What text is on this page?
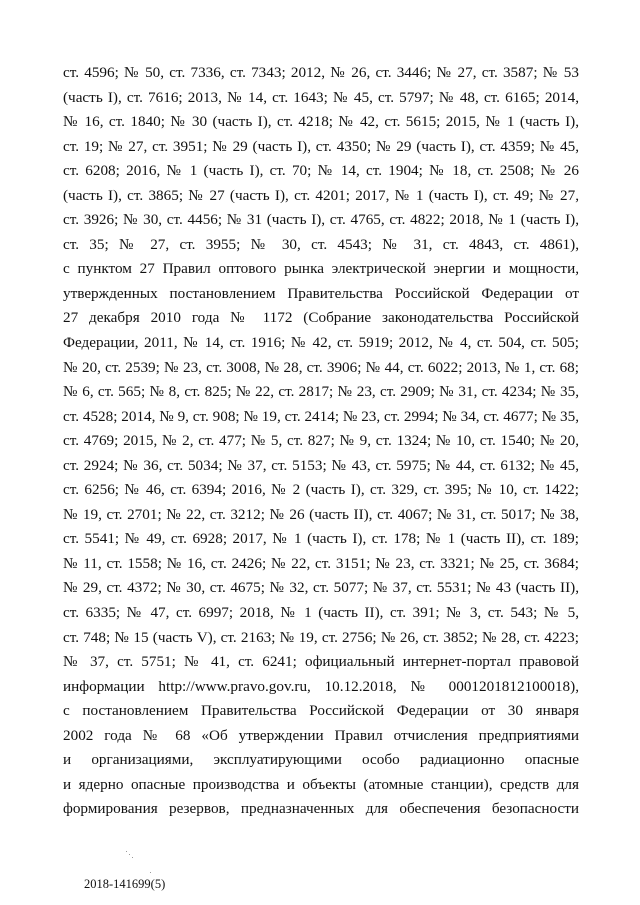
ст. 4596; № 50, ст. 7336, ст. 7343; 2012, № 26, ст. 3446; № 27, ст. 3587; № 53
(часть I), ст. 7616; 2013, № 14, ст. 1643; № 45, ст. 5797; № 48, ст. 6165; 2014,
№ 16, ст. 1840; № 30 (часть I), ст. 4218; № 42, ст. 5615; 2015, № 1 (часть I),
ст. 19; № 27, ст. 3951; № 29 (часть I), ст. 4350; № 29 (часть I), ст. 4359; № 45,
ст. 6208; 2016, № 1 (часть I), ст. 70; № 14, ст. 1904; № 18, ст. 2508; № 26
(часть I), ст. 3865; № 27 (часть I), ст. 4201; 2017, № 1 (часть I), ст. 49; № 27,
ст. 3926; № 30, ст. 4456; № 31 (часть I), ст. 4765, ст. 4822; 2018, № 1 (часть I),
ст. 35; № 27, ст. 3955; № 30, ст. 4543; № 31, ст. 4843, ст. 4861),
с пунктом 27 Правил оптового рынка электрической энергии и мощности,
утвержденных постановлением Правительства Российской Федерации от
27 декабря 2010 года № 1172 (Собрание законодательства Российской
Федерации, 2011, № 14, ст. 1916; № 42, ст. 5919; 2012, № 4, ст. 504, ст. 505;
№ 20, ст. 2539; № 23, ст. 3008, № 28, ст. 3906; № 44, ст. 6022; 2013, № 1, ст. 68;
№ 6, ст. 565; № 8, ст. 825; № 22, ст. 2817; № 23, ст. 2909; № 31, ст. 4234; № 35,
ст. 4528; 2014, № 9, ст. 908; № 19, ст. 2414; № 23, ст. 2994; № 34, ст. 4677; № 35,
ст. 4769; 2015, № 2, ст. 477; № 5, ст. 827; № 9, ст. 1324; № 10, ст. 1540; № 20,
ст. 2924; № 36, ст. 5034; № 37, ст. 5153; № 43, ст. 5975; № 44, ст. 6132; № 45,
ст. 6256; № 46, ст. 6394; 2016, № 2 (часть I), ст. 329, ст. 395; № 10, ст. 1422;
№ 19, ст. 2701; № 22, ст. 3212; № 26 (часть II), ст. 4067; № 31, ст. 5017; № 38,
ст. 5541; № 49, ст. 6928; 2017, № 1 (часть I), ст. 178; № 1 (часть II), ст. 189;
№ 11, ст. 1558; № 16, ст. 2426; № 22, ст. 3151; № 23, ст. 3321; № 25, ст. 3684;
№ 29, ст. 4372; № 30, ст. 4675; № 32, ст. 5077; № 37, ст. 5531; № 43 (часть II),
ст. 6335; № 47, ст. 6997; 2018, № 1 (часть II), ст. 391; № 3, ст. 543; № 5,
ст. 748; № 15 (часть V), ст. 2163; № 19, ст. 2756; № 26, ст. 3852; № 28, ст. 4223;
№ 37, ст. 5751; № 41, ст. 6241; официальный интернет-портал правовой
информации http://www.pravo.gov.ru, 10.12.2018, № 0001201812100018),
с постановлением Правительства Российской Федерации от 30 января
2002 года № 68 «Об утверждении Правил отчисления предприятиями
и организациями, эксплуатирующими особо радиационно опасные
и ядерно опасные производства и объекты (атомные станции), средств для
формирования резервов, предназначенных для обеспечения безопасности
2018-141699(5)
